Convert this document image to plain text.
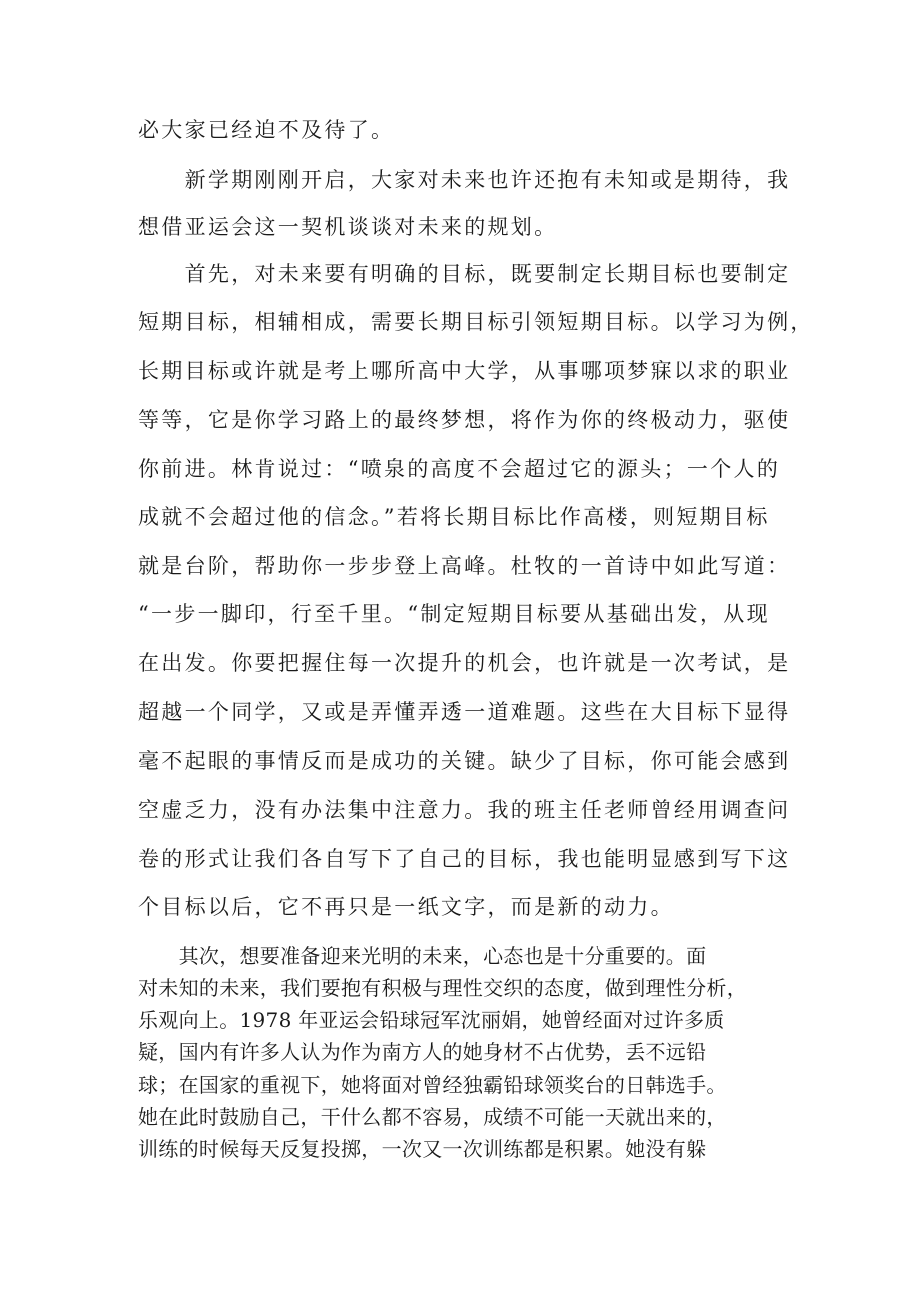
必大家已经迫不及待了。

　　新学期刚刚开启，大家对未来也许还抱有未知或是期待，我

想借亚运会这一契机谈谈对未来的规划。

　　首先，对未来要有明确的目标，既要制定长期目标也要制定

短期目标，相辅相成，需要长期目标引领短期目标。以学习为例，

长期目标或许就是考上哪所高中大学，从事哪项梦寐以求的职业

等等，它是你学习路上的最终梦想，将作为你的终极动力，驱使

你前进。林肯说过：“喷泉的高度不会超过它的源头；一个人的

成就不会超过他的信念。”若将长期目标比作高楼，则短期目标

就是台阶，帮助你一步步登上高峰。杜牧的一首诗中如此写道：

“一步一脚印，行至千里。“制定短期目标要从基础出发，从现

在出发。你要把握住每一次提升的机会，也许就是一次考试，是

超越一个同学，又或是弄懂弄透一道难题。这些在大目标下显得

毫不起眼的事情反而是成功的关键。缺少了目标，你可能会感到

空虚乏力，没有办法集中注意力。我的班主任老师曾经用调查问

卷的形式让我们各自写下了自己的目标，我也能明显感到写下这

个目标以后，它不再只是一纸文字，而是新的动力。

　　其次，想要准备迎来光明的未来，心态也是十分重要的。面

对未知的未来，我们要抱有积极与理性交织的态度，做到理性分析，

乐观向上。1978 年亚运会铅球冠军沈丽娟，她曾经面对过许多质

疑，国内有许多人认为作为南方人的她身材不占优势，丢不远铅

球；在国家的重视下，她将面对曾经独霸铅球领奖台的日韩选手。

她在此时鼓励自己，干什么都不容易，成绩不可能一天就出来的，

训练的时候每天反复投掷，一次又一次训练都是积累。她没有躲
